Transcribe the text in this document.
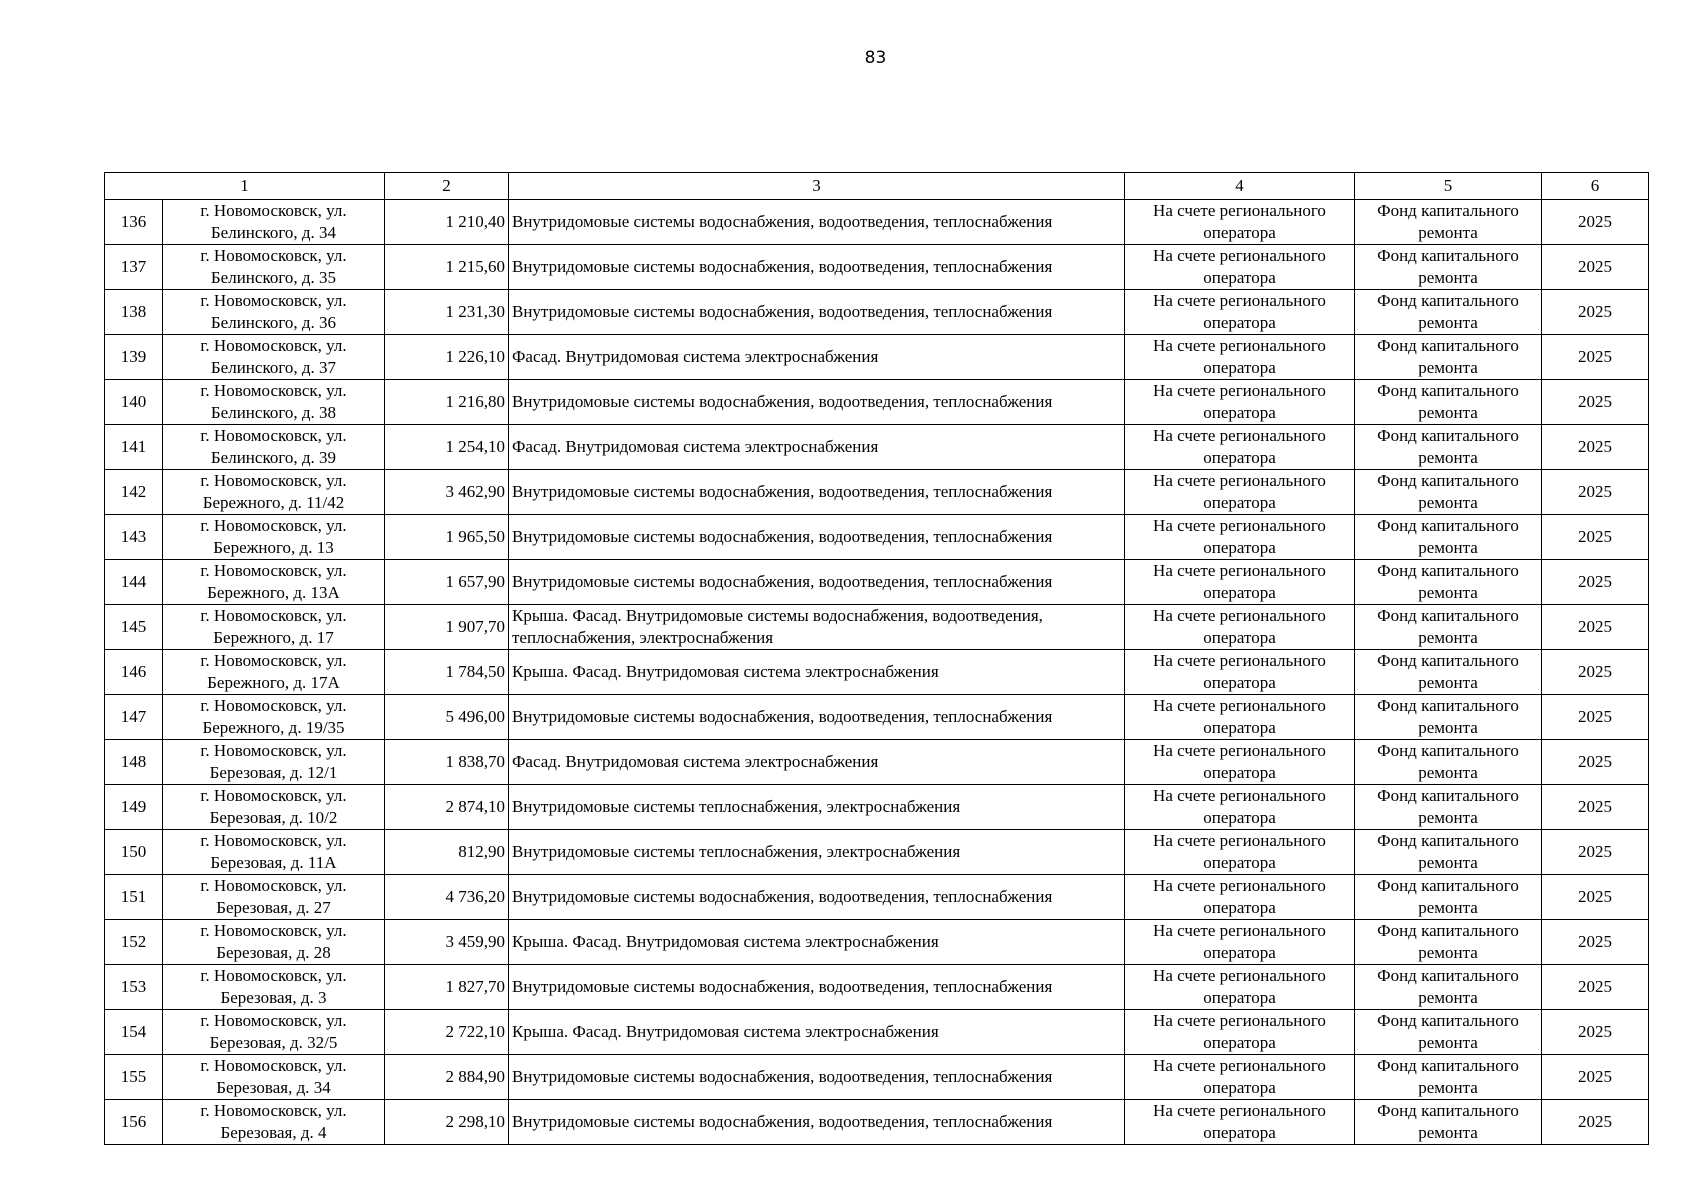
83
1		2	3	4	5	6
136	г. Новомосковск, ул. Белинского, д. 34	1 210,40	Внутридомовые системы водоснабжения, водоотведения, теплоснабжения	На счете регионального оператора	Фонд капитального ремонта	2025
137	г. Новомосковск, ул. Белинского, д. 35	1 215,60	Внутридомовые системы водоснабжения, водоотведения, теплоснабжения	На счете регионального оператора	Фонд капитального ремонта	2025
138	г. Новомосковск, ул. Белинского, д. 36	1 231,30	Внутридомовые системы водоснабжения, водоотведения, теплоснабжения	На счете регионального оператора	Фонд капитального ремонта	2025
139	г. Новомосковск, ул. Белинского, д. 37	1 226,10	Фасад. Внутридомовая система электроснабжения	На счете регионального оператора	Фонд капитального ремонта	2025
140	г. Новомосковск, ул. Белинского, д. 38	1 216,80	Внутридомовые системы водоснабжения, водоотведения, теплоснабжения	На счете регионального оператора	Фонд капитального ремонта	2025
141	г. Новомосковск, ул. Белинского, д. 39	1 254,10	Фасад. Внутридомовая система электроснабжения	На счете регионального оператора	Фонд капитального ремонта	2025
142	г. Новомосковск, ул. Бережного, д. 11/42	3 462,90	Внутридомовые системы водоснабжения, водоотведения, теплоснабжения	На счете регионального оператора	Фонд капитального ремонта	2025
143	г. Новомосковск, ул. Бережного, д. 13	1 965,50	Внутридомовые системы водоснабжения, водоотведения, теплоснабжения	На счете регионального оператора	Фонд капитального ремонта	2025
144	г. Новомосковск, ул. Бережного, д. 13А	1 657,90	Внутридомовые системы водоснабжения, водоотведения, теплоснабжения	На счете регионального оператора	Фонд капитального ремонта	2025
145	г. Новомосковск, ул. Бережного, д. 17	1 907,70	Крыша. Фасад. Внутридомовые системы водоснабжения, водоотведения, теплоснабжения, электроснабжения	На счете регионального оператора	Фонд капитального ремонта	2025
146	г. Новомосковск, ул. Бережного, д. 17А	1 784,50	Крыша. Фасад. Внутридомовая система электроснабжения	На счете регионального оператора	Фонд капитального ремонта	2025
147	г. Новомосковск, ул. Бережного, д. 19/35	5 496,00	Внутридомовые системы водоснабжения, водоотведения, теплоснабжения	На счете регионального оператора	Фонд капитального ремонта	2025
148	г. Новомосковск, ул. Березовая, д. 12/1	1 838,70	Фасад. Внутридомовая система электроснабжения	На счете регионального оператора	Фонд капитального ремонта	2025
149	г. Новомосковск, ул. Березовая, д. 10/2	2 874,10	Внутридомовые системы теплоснабжения, электроснабжения	На счете регионального оператора	Фонд капитального ремонта	2025
150	г. Новомосковск, ул. Березовая, д. 11А	812,90	Внутридомовые системы теплоснабжения, электроснабжения	На счете регионального оператора	Фонд капитального ремонта	2025
151	г. Новомосковск, ул. Березовая, д. 27	4 736,20	Внутридомовые системы водоснабжения, водоотведения, теплоснабжения	На счете регионального оператора	Фонд капитального ремонта	2025
152	г. Новомосковск, ул. Березовая, д. 28	3 459,90	Крыша. Фасад. Внутридомовая система электроснабжения	На счете регионального оператора	Фонд капитального ремонта	2025
153	г. Новомосковск, ул. Березовая, д. 3	1 827,70	Внутридомовые системы водоснабжения, водоотведения, теплоснабжения	На счете регионального оператора	Фонд капитального ремонта	2025
154	г. Новомосковск, ул. Березовая, д. 32/5	2 722,10	Крыша. Фасад. Внутридомовая система электроснабжения	На счете регионального оператора	Фонд капитального ремонта	2025
155	г. Новомосковск, ул. Березовая, д. 34	2 884,90	Внутридомовые системы водоснабжения, водоотведения, теплоснабжения	На счете регионального оператора	Фонд капитального ремонта	2025
156	г. Новомосковск, ул. Березовая, д. 4	2 298,10	Внутридомовые системы водоснабжения, водоотведения, теплоснабжения	На счете регионального оператора	Фонд капитального ремонта	2025
